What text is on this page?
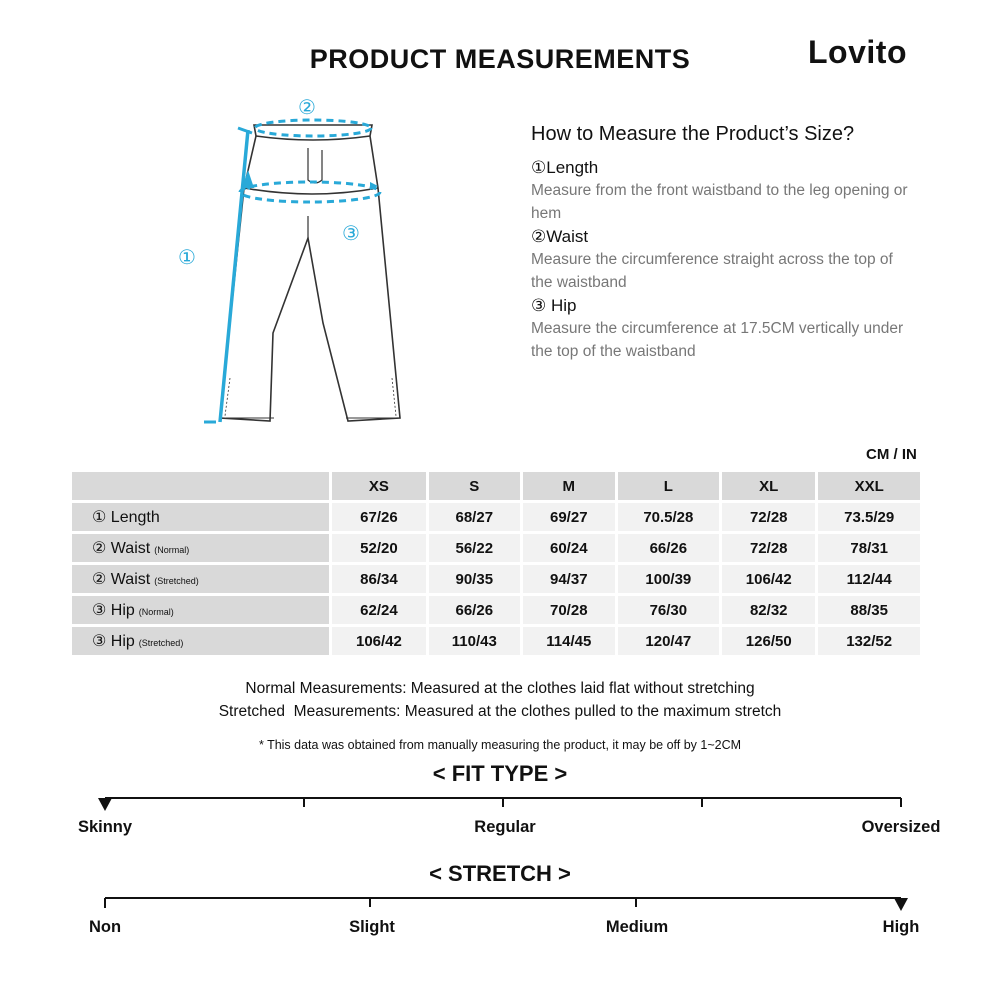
PRODUCT MEASUREMENTS	Lovito
①
②
③
How to Measure the Product’s Size?
①Length
Measure from the front waistband to the leg opening or hem
②Waist
Measure the circumference straight across the top of the waistband
③ Hip
Measure the circumference at 17.5CM vertically under the top of the waistband
CM / IN
	XS	S	M	L	XL	XXL
① Length	67/26	68/27	69/27	70.5/28	72/28	73.5/29
② Waist (Normal)	52/20	56/22	60/24	66/26	72/28	78/31
② Waist (Stretched)	86/34	90/35	94/37	100/39	106/42	112/44
③ Hip (Normal)	62/24	66/26	70/28	76/30	82/32	88/35
③ Hip (Stretched)	106/42	110/43	114/45	120/47	126/50	132/52
Normal Measurements: Measured at the clothes laid flat without stretching
Stretched  Measurements: Measured at the clothes pulled to the maximum stretch
* This data was obtained from manually measuring the product, it may be off by 1~2CM
< FIT TYPE >
Skinny	Regular	Oversized
< STRETCH >
Non	Slight	Medium	High
